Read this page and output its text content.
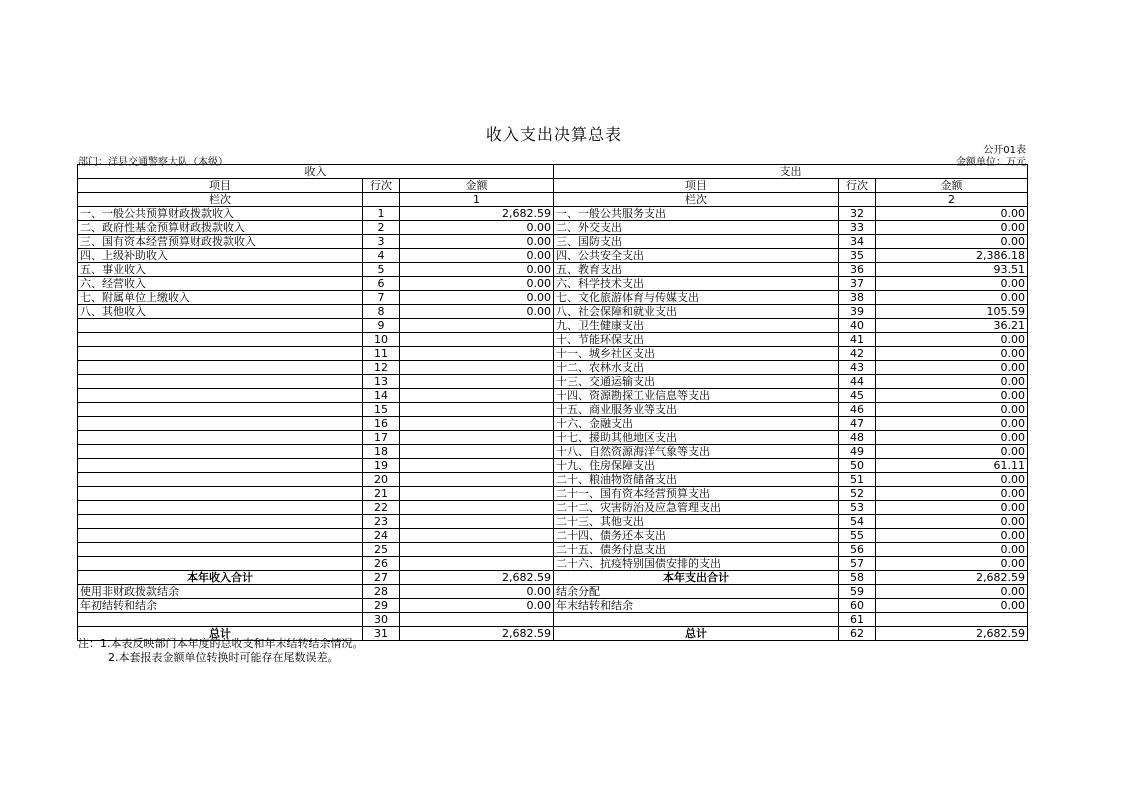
收入支出决算总表
公开01表
部门：洋县交通警察大队（本级）	金额单位：万元
收入			支出		
项目	行次	金额	项目	行次	金额
栏次		1	栏次		2
一、一般公共预算财政拨款收入	1	2,682.59	一、一般公共服务支出	32	0.00
二、政府性基金预算财政拨款收入	2	0.00	二、外交支出	33	0.00
三、国有资本经营预算财政拨款收入	3	0.00	三、国防支出	34	0.00
四、上级补助收入	4	0.00	四、公共安全支出	35	2,386.18
五、事业收入	5	0.00	五、教育支出	36	93.51
六、经营收入	6	0.00	六、科学技术支出	37	0.00
七、附属单位上缴收入	7	0.00	七、文化旅游体育与传媒支出	38	0.00
八、其他收入	8	0.00	八、社会保障和就业支出	39	105.59
	9		九、卫生健康支出	40	36.21
	10		十、节能环保支出	41	0.00
	11		十一、城乡社区支出	42	0.00
	12		十二、农林水支出	43	0.00
	13		十三、交通运输支出	44	0.00
	14		十四、资源勘探工业信息等支出	45	0.00
	15		十五、商业服务业等支出	46	0.00
	16		十六、金融支出	47	0.00
	17		十七、援助其他地区支出	48	0.00
	18		十八、自然资源海洋气象等支出	49	0.00
	19		十九、住房保障支出	50	61.11
	20		二十、粮油物资储备支出	51	0.00
	21		二十一、国有资本经营预算支出	52	0.00
	22		二十二、灾害防治及应急管理支出	53	0.00
	23		二十三、其他支出	54	0.00
	24		二十四、债务还本支出	55	0.00
	25		二十五、债务付息支出	56	0.00
	26		二十六、抗疫特别国债安排的支出	57	0.00
本年收入合计	27	2,682.59	本年支出合计	58	2,682.59
使用非财政拨款结余	28	0.00	结余分配	59	0.00
年初结转和结余	29	0.00	年末结转和结余	60	0.00
	30			61	
总计	31	2,682.59	总计	62	2,682.59
注：1.本表反映部门本年度的总收支和年末结转结余情况。
2.本套报表金额单位转换时可能存在尾数误差。
